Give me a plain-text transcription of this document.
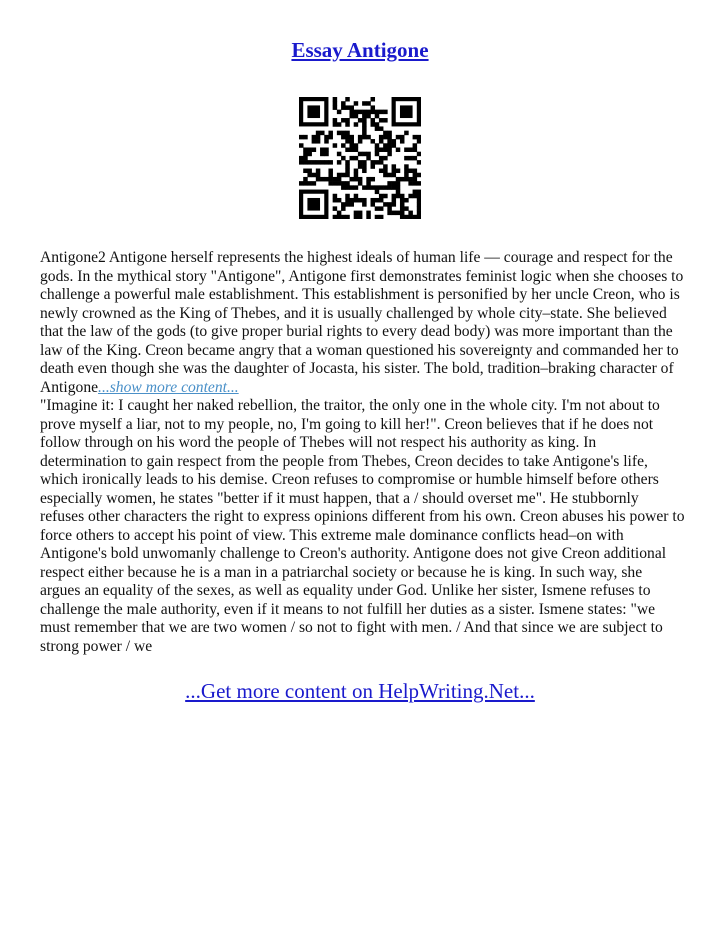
Essay Antigone

Antigone2 Antigone herself represents the highest ideals of human life — courage and respect for the gods. In the mythical story "Antigone", Antigone first demonstrates feminist logic when she chooses to challenge a powerful male establishment. This establishment is personified by her uncle Creon, who is newly crowned as the King of Thebes, and it is usually challenged by whole city–state. She believed that the law of the gods (to give proper burial rights to every dead body) was more important than the law of the King. Creon became angry that a woman questioned his sovereignty and commanded her to death even though she was the daughter of Jocasta, his sister. The bold, tradition–braking character of Antigone...show more content...

"Imagine it: I caught her naked rebellion, the traitor, the only one in the whole city. I'm not about to prove myself a liar, not to my people, no, I'm going to kill her!". Creon believes that if he does not follow through on his word the people of Thebes will not respect his authority as king. In determination to gain respect from the people from Thebes, Creon decides to take Antigone's life, which ironically leads to his demise. Creon refuses to compromise or humble himself before others especially women, he states "better if it must happen, that a / should overset me". He stubbornly refuses other characters the right to express opinions different from his own. Creon abuses his power to force others to accept his point of view. This extreme male dominance conflicts head–on with Antigone's bold unwomanly challenge to Creon's authority. Antigone does not give Creon additional respect either because he is a man in a patriarchal society or because he is king. In such way, she argues an equality of the sexes, as well as equality under God. Unlike her sister, Ismene refuses to challenge the male authority, even if it means to not fulfill her duties as a sister. Ismene states: "we must remember that we are two women / so not to fight with men. / And that since we are subject to strong power / we

...Get more content on HelpWriting.Net...
